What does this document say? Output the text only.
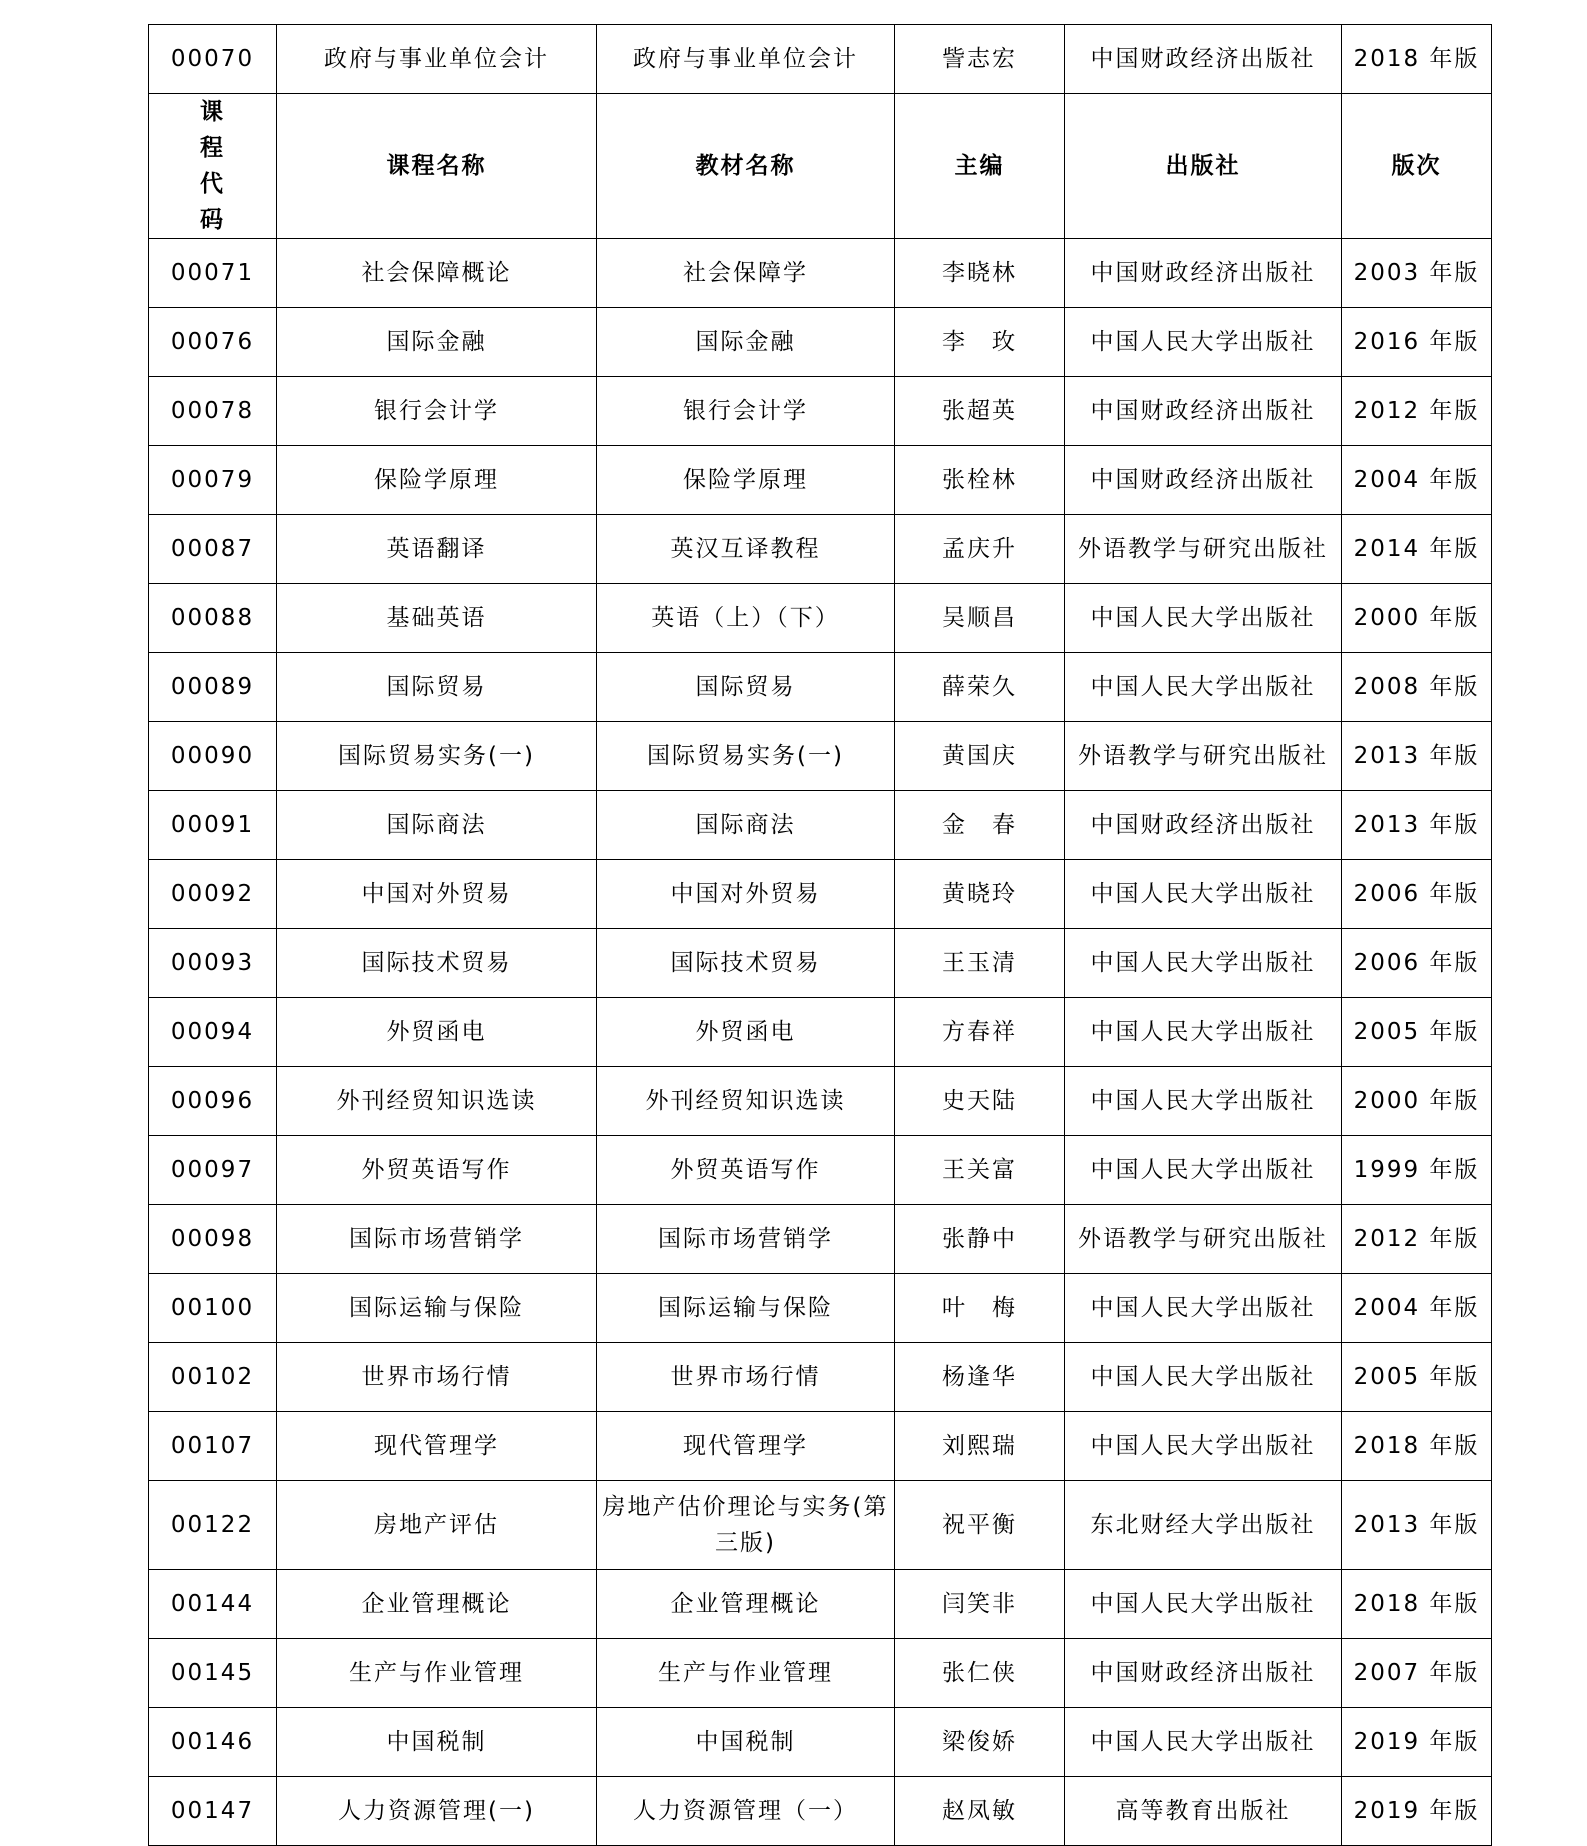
00070	政府与事业单位会计	政府与事业单位会计	訾志宏	中国财政经济出版社	2018 年版

课程
代码	课程名称	教材名称	主编	出版社	版次
00071	社会保障概论	社会保障学	李晓林	中国财政经济出版社	2003 年版
00076	国际金融	国际金融	李　玫	中国人民大学出版社	2016 年版
00078	银行会计学	银行会计学	张超英	中国财政经济出版社	2012 年版
00079	保险学原理	保险学原理	张栓林	中国财政经济出版社	2004 年版
00087	英语翻译	英汉互译教程	孟庆升	外语教学与研究出版社	2014 年版
00088	基础英语	英语（上）（下）	吴顺昌	中国人民大学出版社	2000 年版
00089	国际贸易	国际贸易	薛荣久	中国人民大学出版社	2008 年版
00090	国际贸易实务(一)	国际贸易实务(一)	黄国庆	外语教学与研究出版社	2013 年版
00091	国际商法	国际商法	金　春	中国财政经济出版社	2013 年版
00092	中国对外贸易	中国对外贸易	黄晓玲	中国人民大学出版社	2006 年版
00093	国际技术贸易	国际技术贸易	王玉清	中国人民大学出版社	2006 年版
00094	外贸函电	外贸函电	方春祥	中国人民大学出版社	2005 年版
00096	外刊经贸知识选读	外刊经贸知识选读	史天陆	中国人民大学出版社	2000 年版
00097	外贸英语写作	外贸英语写作	王关富	中国人民大学出版社	1999 年版
00098	国际市场营销学	国际市场营销学	张静中	外语教学与研究出版社	2012 年版
00100	国际运输与保险	国际运输与保险	叶　梅	中国人民大学出版社	2004 年版
00102	世界市场行情	世界市场行情	杨逢华	中国人民大学出版社	2005 年版
00107	现代管理学	现代管理学	刘熙瑞	中国人民大学出版社	2018 年版
00122	房地产评估	房地产估价理论与实务(第三版)	祝平衡	东北财经大学出版社	2013 年版
00144	企业管理概论	企业管理概论	闫笑非	中国人民大学出版社	2018 年版
00145	生产与作业管理	生产与作业管理	张仁侠	中国财政经济出版社	2007 年版
00146	中国税制	中国税制	梁俊娇	中国人民大学出版社	2019 年版
00147	人力资源管理(一)	人力资源管理（一）	赵凤敏	高等教育出版社	2019 年版
